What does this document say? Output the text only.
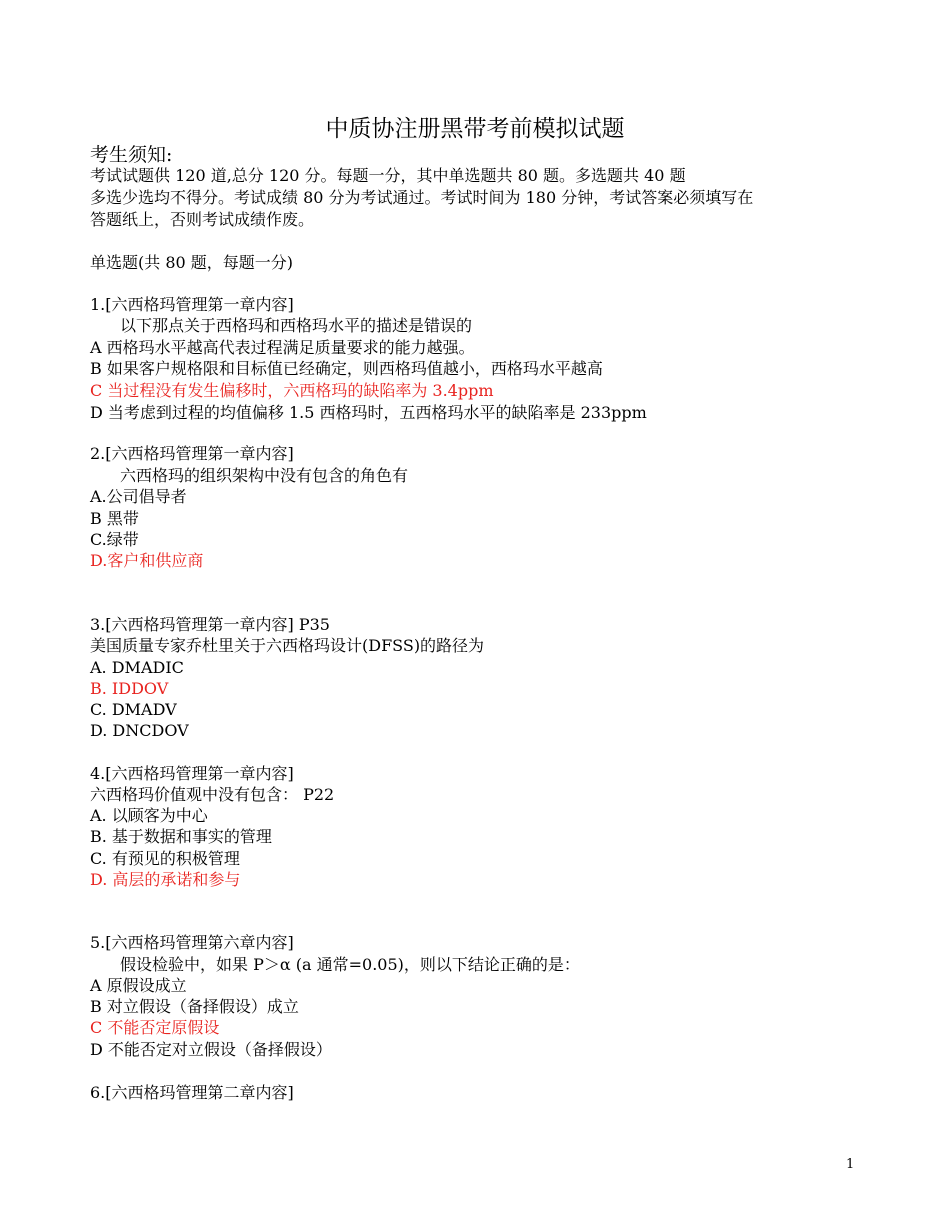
中质协注册黑带考前模拟试题
考生须知:
考试试题供 120 道,总分 120 分。每题一分，其中单选题共 80 题。多选题共 40 题
多选少选均不得分。考试成绩 80 分为考试通过。考试时间为 180 分钟，考试答案必须填写在
答题纸上，否则考试成绩作废。
单选题(共 80 题，每题一分)
1.[六西格玛管理第一章内容]
以下那点关于西格玛和西格玛水平的描述是错误的
A 西格玛水平越高代表过程满足质量要求的能力越强。
B 如果客户规格限和目标值已经确定，则西格玛值越小，西格玛水平越高
C 当过程没有发生偏移时，六西格玛的缺陷率为 3.4ppm
D 当考虑到过程的均值偏移 1.5 西格玛时，五西格玛水平的缺陷率是 233ppm
2.[六西格玛管理第一章内容]
六西格玛的组织架构中没有包含的角色有
A.公司倡导者
B 黑带
C.绿带
D.客户和供应商
3.[六西格玛管理第一章内容] P35
美国质量专家乔杜里关于六西格玛设计(DFSS)的路径为
A. DMADIC
B. IDDOV
C. DMADV
D. DNCDOV
4.[六西格玛管理第一章内容]
六西格玛价值观中没有包含： P22
A. 以顾客为中心
B. 基于数据和事实的管理
C. 有预见的积极管理
D. 高层的承诺和参与
5.[六西格玛管理第六章内容]
假设检验中，如果 P＞α (a 通常=0.05)，则以下结论正确的是：
A 原假设成立
B 对立假设（备择假设）成立
C 不能否定原假设
D 不能否定对立假设（备择假设）
6.[六西格玛管理第二章内容]
1
